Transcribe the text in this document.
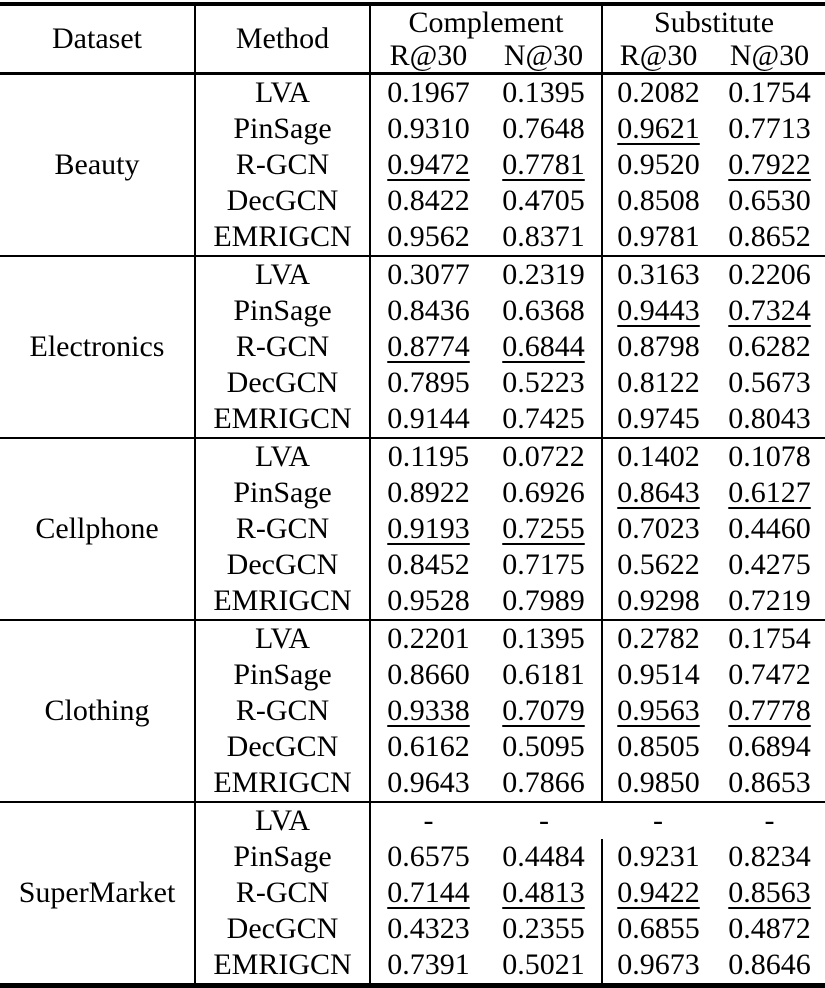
Dataset	Method	Complement		Substitute	
		R@30	N@30	R@30	N@30
Beauty	LVA	0.1967	0.1395	0.2082	0.1754
	PinSage	0.9310	0.7648	0.9621	0.7713
	R-GCN	0.9472	0.7781	0.9520	0.7922
	DecGCN	0.8422	0.4705	0.8508	0.6530
	EMRIGCN	0.9562	0.8371	0.9781	0.8652
Electronics	LVA	0.3077	0.2319	0.3163	0.2206
	PinSage	0.8436	0.6368	0.9443	0.7324
	R-GCN	0.8774	0.6844	0.8798	0.6282
	DecGCN	0.7895	0.5223	0.8122	0.5673
	EMRIGCN	0.9144	0.7425	0.9745	0.8043
Cellphone	LVA	0.1195	0.0722	0.1402	0.1078
	PinSage	0.8922	0.6926	0.8643	0.6127
	R-GCN	0.9193	0.7255	0.7023	0.4460
	DecGCN	0.8452	0.7175	0.5622	0.4275
	EMRIGCN	0.9528	0.7989	0.9298	0.7219
Clothing	LVA	0.2201	0.1395	0.2782	0.1754
	PinSage	0.8660	0.6181	0.9514	0.7472
	R-GCN	0.9338	0.7079	0.9563	0.7778
	DecGCN	0.6162	0.5095	0.8505	0.6894
	EMRIGCN	0.9643	0.7866	0.9850	0.8653
SuperMarket	LVA	-	-	-	-
	PinSage	0.6575	0.4484	0.9231	0.8234
	R-GCN	0.7144	0.4813	0.9422	0.8563
	DecGCN	0.4323	0.2355	0.6855	0.4872
	EMRIGCN	0.7391	0.5021	0.9673	0.8646
